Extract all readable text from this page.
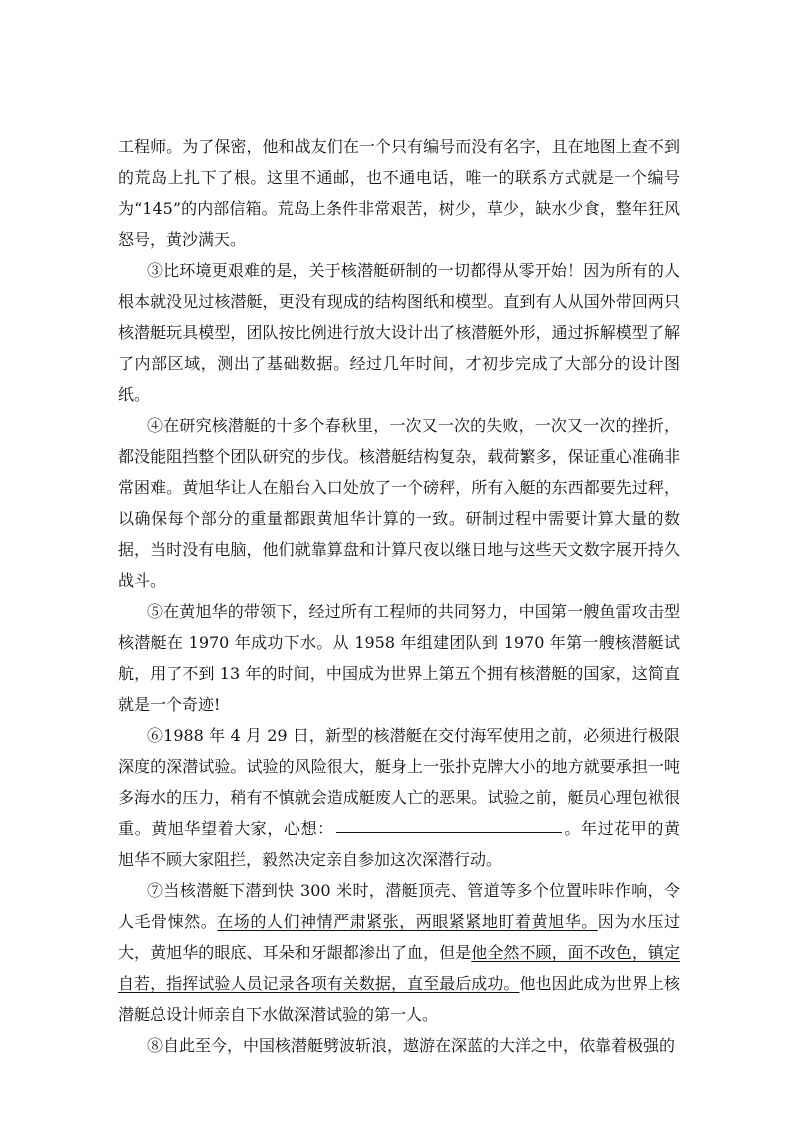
工程师。为了保密，他和战友们在一个只有编号而没有名字，且在地图上查不到的荒岛上扎下了根。这里不通邮，也不通电话，唯一的联系方式就是一个编号为“145”的内部信箱。荒岛上条件非常艰苦，树少，草少，缺水少食，整年狂风怒号，黄沙满天。

③比环境更艰难的是，关于核潜艇研制的一切都得从零开始！因为所有的人根本就没见过核潜艇，更没有现成的结构图纸和模型。直到有人从国外带回两只核潜艇玩具模型，团队按比例进行放大设计出了核潜艇外形，通过拆解模型了解了内部区域，测出了基础数据。经过几年时间，才初步完成了大部分的设计图纸。

④在研究核潜艇的十多个春秋里，一次又一次的失败，一次又一次的挫折，都没能阻挡整个团队研究的步伐。核潜艇结构复杂，载荷繁多，保证重心准确非常困难。黄旭华让人在船台入口处放了一个磅秤，所有入艇的东西都要先过秤，以确保每个部分的重量都跟黄旭华计算的一致。研制过程中需要计算大量的数据，当时没有电脑，他们就靠算盘和计算尺夜以继日地与这些天文数字展开持久战斗。

⑤在黄旭华的带领下，经过所有工程师的共同努力，中国第一艘鱼雷攻击型核潜艇在 1970 年成功下水。从 1958 年组建团队到 1970 年第一艘核潜艇试航，用了不到 13 年的时间，中国成为世界上第五个拥有核潜艇的国家，这简直就是一个奇迹!

⑥1988 年 4 月 29 日，新型的核潜艇在交付海军使用之前，必须进行极限深度的深潜试验。试验的风险很大，艇身上一张扑克牌大小的地方就要承担一吨多海水的压力，稍有不慎就会造成艇废人亡的恶果。试验之前，艇员心理包袱很重。黄旭华望着大家，心想：	。年过花甲的黄旭华不顾大家阻拦，毅然决定亲自参加这次深潜行动。

⑦当核潜艇下潜到快 300 米时，潜艇顶壳、管道等多个位置咔咔作响，令人毛骨悚然。在场的人们神情严肃紧张，两眼紧紧地盯着黄旭华。因为水压过大，黄旭华的眼底、耳朵和牙龈都渗出了血，但是他全然不顾，面不改色，镇定自若，指挥试验人员记录各项有关数据，直至最后成功。他也因此成为世界上核潜艇总设计师亲自下水做深潜试验的第一人。

⑧自此至今，中国核潜艇劈波斩浪，遨游在深蓝的大洋之中，依靠着极强的
